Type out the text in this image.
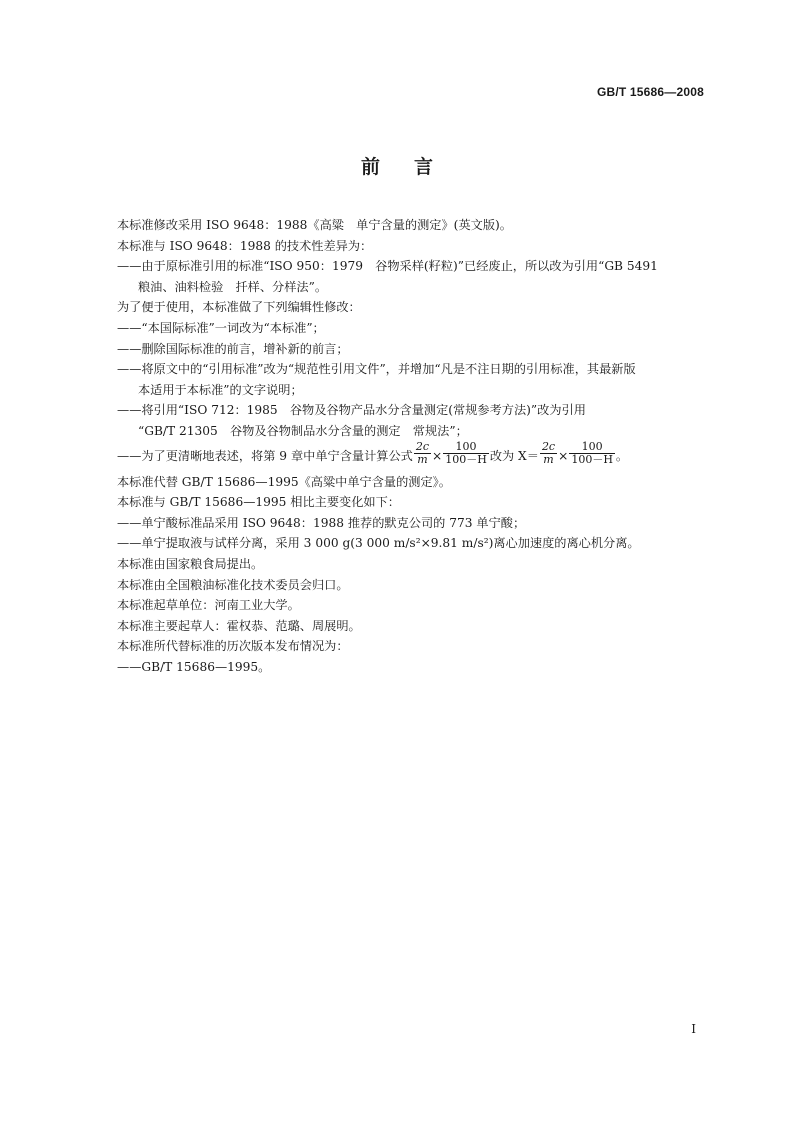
GB/T 15686—2008
前言
本标准修改采用 ISO 9648：1988《高粱　单宁含量的测定》(英文版)。
本标准与 ISO 9648：1988 的技术性差异为：
——由于原标准引用的标准“ISO 950：1979　谷物采样(籽粒)”已经废止，所以改为引用“GB 5491
粮油、油料检验　扦样、分样法”。
为了便于使用，本标准做了下列编辑性修改：
——“本国际标准”一词改为“本标准”；
——删除国际标准的前言，增补新的前言；
——将原文中的“引用标准”改为“规范性引用文件”，并增加“凡是不注日期的引用标准，其最新版
本适用于本标准”的文字说明；
——将引用“ISO 712：1985　谷物及谷物产品水分含量测定(常规参考方法)”改为引用
“GB/T 21305　谷物及谷物制品水分含量的测定　常规法”；
——为了更清晰地表述，将第 9 章中单宁含量计算公式 $\frac{2c}{m} \times \frac{100}{100-H}$ 改为 $X= \frac{2c}{m} \times \frac{100}{100-H}$ 。
本标准代替 GB/T 15686—1995《高粱中单宁含量的测定》。
本标准与 GB/T 15686—1995 相比主要变化如下：
——单宁酸标准品采用 ISO 9648：1988 推荐的默克公司的 773 单宁酸；
——单宁提取液与试样分离，采用 3 000 g(3 000 m/s²×9.81 m/s²)离心加速度的离心机分离。
本标准由国家粮食局提出。
本标准由全国粮油标准化技术委员会归口。
本标准起草单位：河南工业大学。
本标准主要起草人：霍权恭、范璐、周展明。
本标准所代替标准的历次版本发布情况为：
——GB/T 15686—1995。
I
